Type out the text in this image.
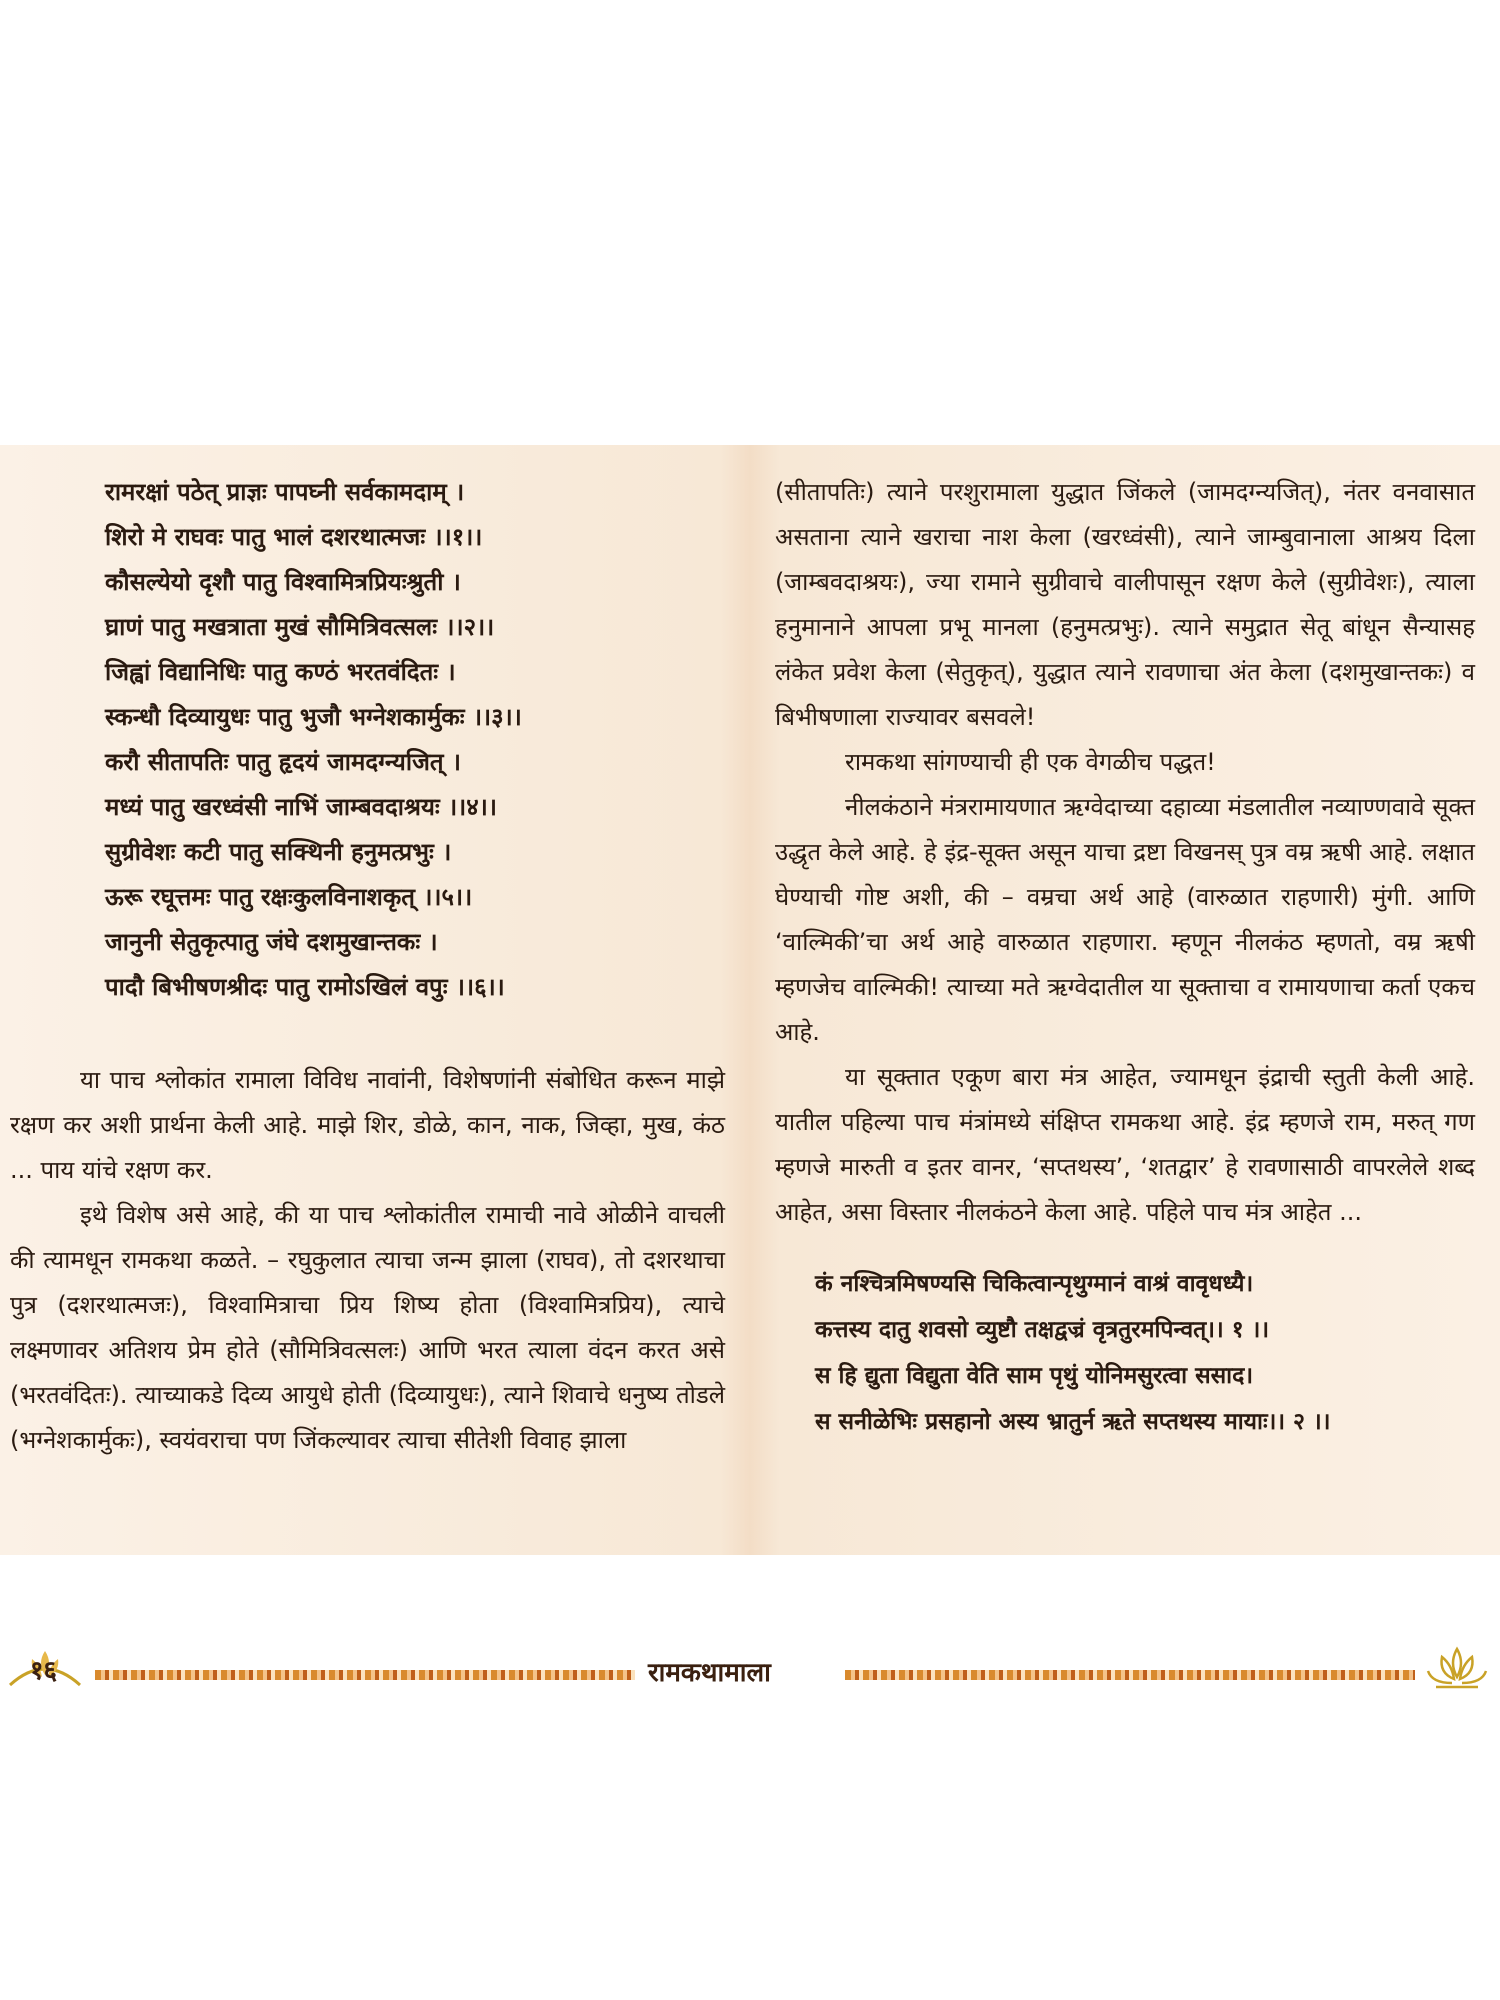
रामरक्षां पठेत् प्राज्ञः पापघ्नी सर्वकामदाम् ।

शिरो मे राघवः पातु भालं दशरथात्मजः ।।१।।

कौसल्येयो दृशौ पातु विश्वामित्रप्रियःश्रुती ।

घ्राणं पातु मखत्राता मुखं सौमित्रिवत्सलः ।।२।।

जिह्वां विद्यानिधिः पातु कण्ठं भरतवंदितः ।

स्कन्धौ दिव्यायुधः पातु भुजौ भग्नेशकार्मुकः ।।३।।

करौ सीतापतिः पातु हृदयं जामदग्न्यजित् ।

मध्यं पातु खरध्वंसी नाभिं जाम्बवदाश्रयः ।।४।।

सुग्रीवेशः कटी पातु सक्थिनी हनुमत्प्रभुः ।

ऊरू रघूत्तमः पातु रक्षःकुलविनाशकृत् ।।५।।

जानुनी सेतुकृत्पातु जंघे दशमुखान्तकः ।

पादौ बिभीषणश्रीदः पातु रामोऽखिलं वपुः ।।६।।

या पाच श्लोकांत रामाला विविध नावांनी, विशेषणांनी संबोधित करून माझे रक्षण कर अशी प्रार्थना केली आहे. माझे शिर, डोळे, कान, नाक, जिव्हा, मुख, कंठ ... पाय यांचे रक्षण कर.

इथे विशेष असे आहे, की या पाच श्लोकांतील रामाची नावे ओळीने वाचली की त्यामधून रामकथा कळते. – रघुकुलात त्याचा जन्म झाला (राघव), तो दशरथाचा पुत्र (दशरथात्मजः), विश्वामित्राचा प्रिय शिष्य होता (विश्वामित्रप्रिय), त्याचे लक्ष्मणावर अतिशय प्रेम होते (सौमित्रिवत्सलः) आणि भरत त्याला वंदन करत असे (भरतवंदितः). त्याच्याकडे दिव्य आयुधे होती (दिव्यायुधः), त्याने शिवाचे धनुष्य तोडले (भग्नेशकार्मुकः), स्वयंवराचा पण जिंकल्यावर त्याचा सीतेशी विवाह झाला

(सीतापतिः) त्याने परशुरामाला युद्धात जिंकले (जामदग्न्यजित्), नंतर वनवासात असताना त्याने खराचा नाश केला (खरध्वंसी), त्याने जाम्बुवानाला आश्रय दिला (जाम्बवदाश्रयः), ज्या रामाने सुग्रीवाचे वालीपासून रक्षण केले (सुग्रीवेशः), त्याला हनुमानाने आपला प्रभू मानला (हनुमत्प्रभुः). त्याने समुद्रात सेतू बांधून सैन्यासह लंकेत प्रवेश केला (सेतुकृत्), युद्धात त्याने रावणाचा अंत केला (दशमुखान्तकः) व बिभीषणाला राज्यावर बसवले!

रामकथा सांगण्याची ही एक वेगळीच पद्धत!

नीलकंठाने मंत्ररामायणात ऋग्वेदाच्या दहाव्या मंडलातील नव्याण्णवावे सूक्त उद्धृत केले आहे. हे इंद्र-सूक्त असून याचा द्रष्टा विखनस् पुत्र वम्र ऋषी आहे. लक्षात घेण्याची गोष्ट अशी, की – वम्रचा अर्थ आहे (वारुळात राहणारी) मुंगी. आणि ‘वाल्मिकी’चा अर्थ आहे वारुळात राहणारा. म्हणून नीलकंठ म्हणतो, वम्र ऋषी म्हणजेच वाल्मिकी! त्याच्या मते ऋग्वेदातील या सूक्ताचा व रामायणाचा कर्ता एकच आहे.

या सूक्तात एकूण बारा मंत्र आहेत, ज्यामधून इंद्राची स्तुती केली आहे. यातील पहिल्या पाच मंत्रांमध्ये संक्षिप्त रामकथा आहे. इंद्र म्हणजे राम, मरुत् गण म्हणजे मारुती व इतर वानर, ‘सप्तथस्य’, ‘शतद्वार’ हे रावणासाठी वापरलेले शब्द आहेत, असा विस्तार नीलकंठने केला आहे. पहिले पाच मंत्र आहेत ...

कं नश्चित्रमिषण्यसि चिकित्वान्पृथुग्मानं वाश्रं वावृधध्यै।

कत्तस्य दातु शवसो व्युष्टौ तक्षद्वज्रं वृत्रतुरमपिन्वत्।। १ ।।

स हि द्युता विद्युता वेति साम पृथुं योनिमसुरत्वा ससाद।

स सनीळेभिः प्रसहानो अस्य भ्रातुर्न ऋते सप्तथस्य मायाः।। २ ।।

१६	रामकथामाला
